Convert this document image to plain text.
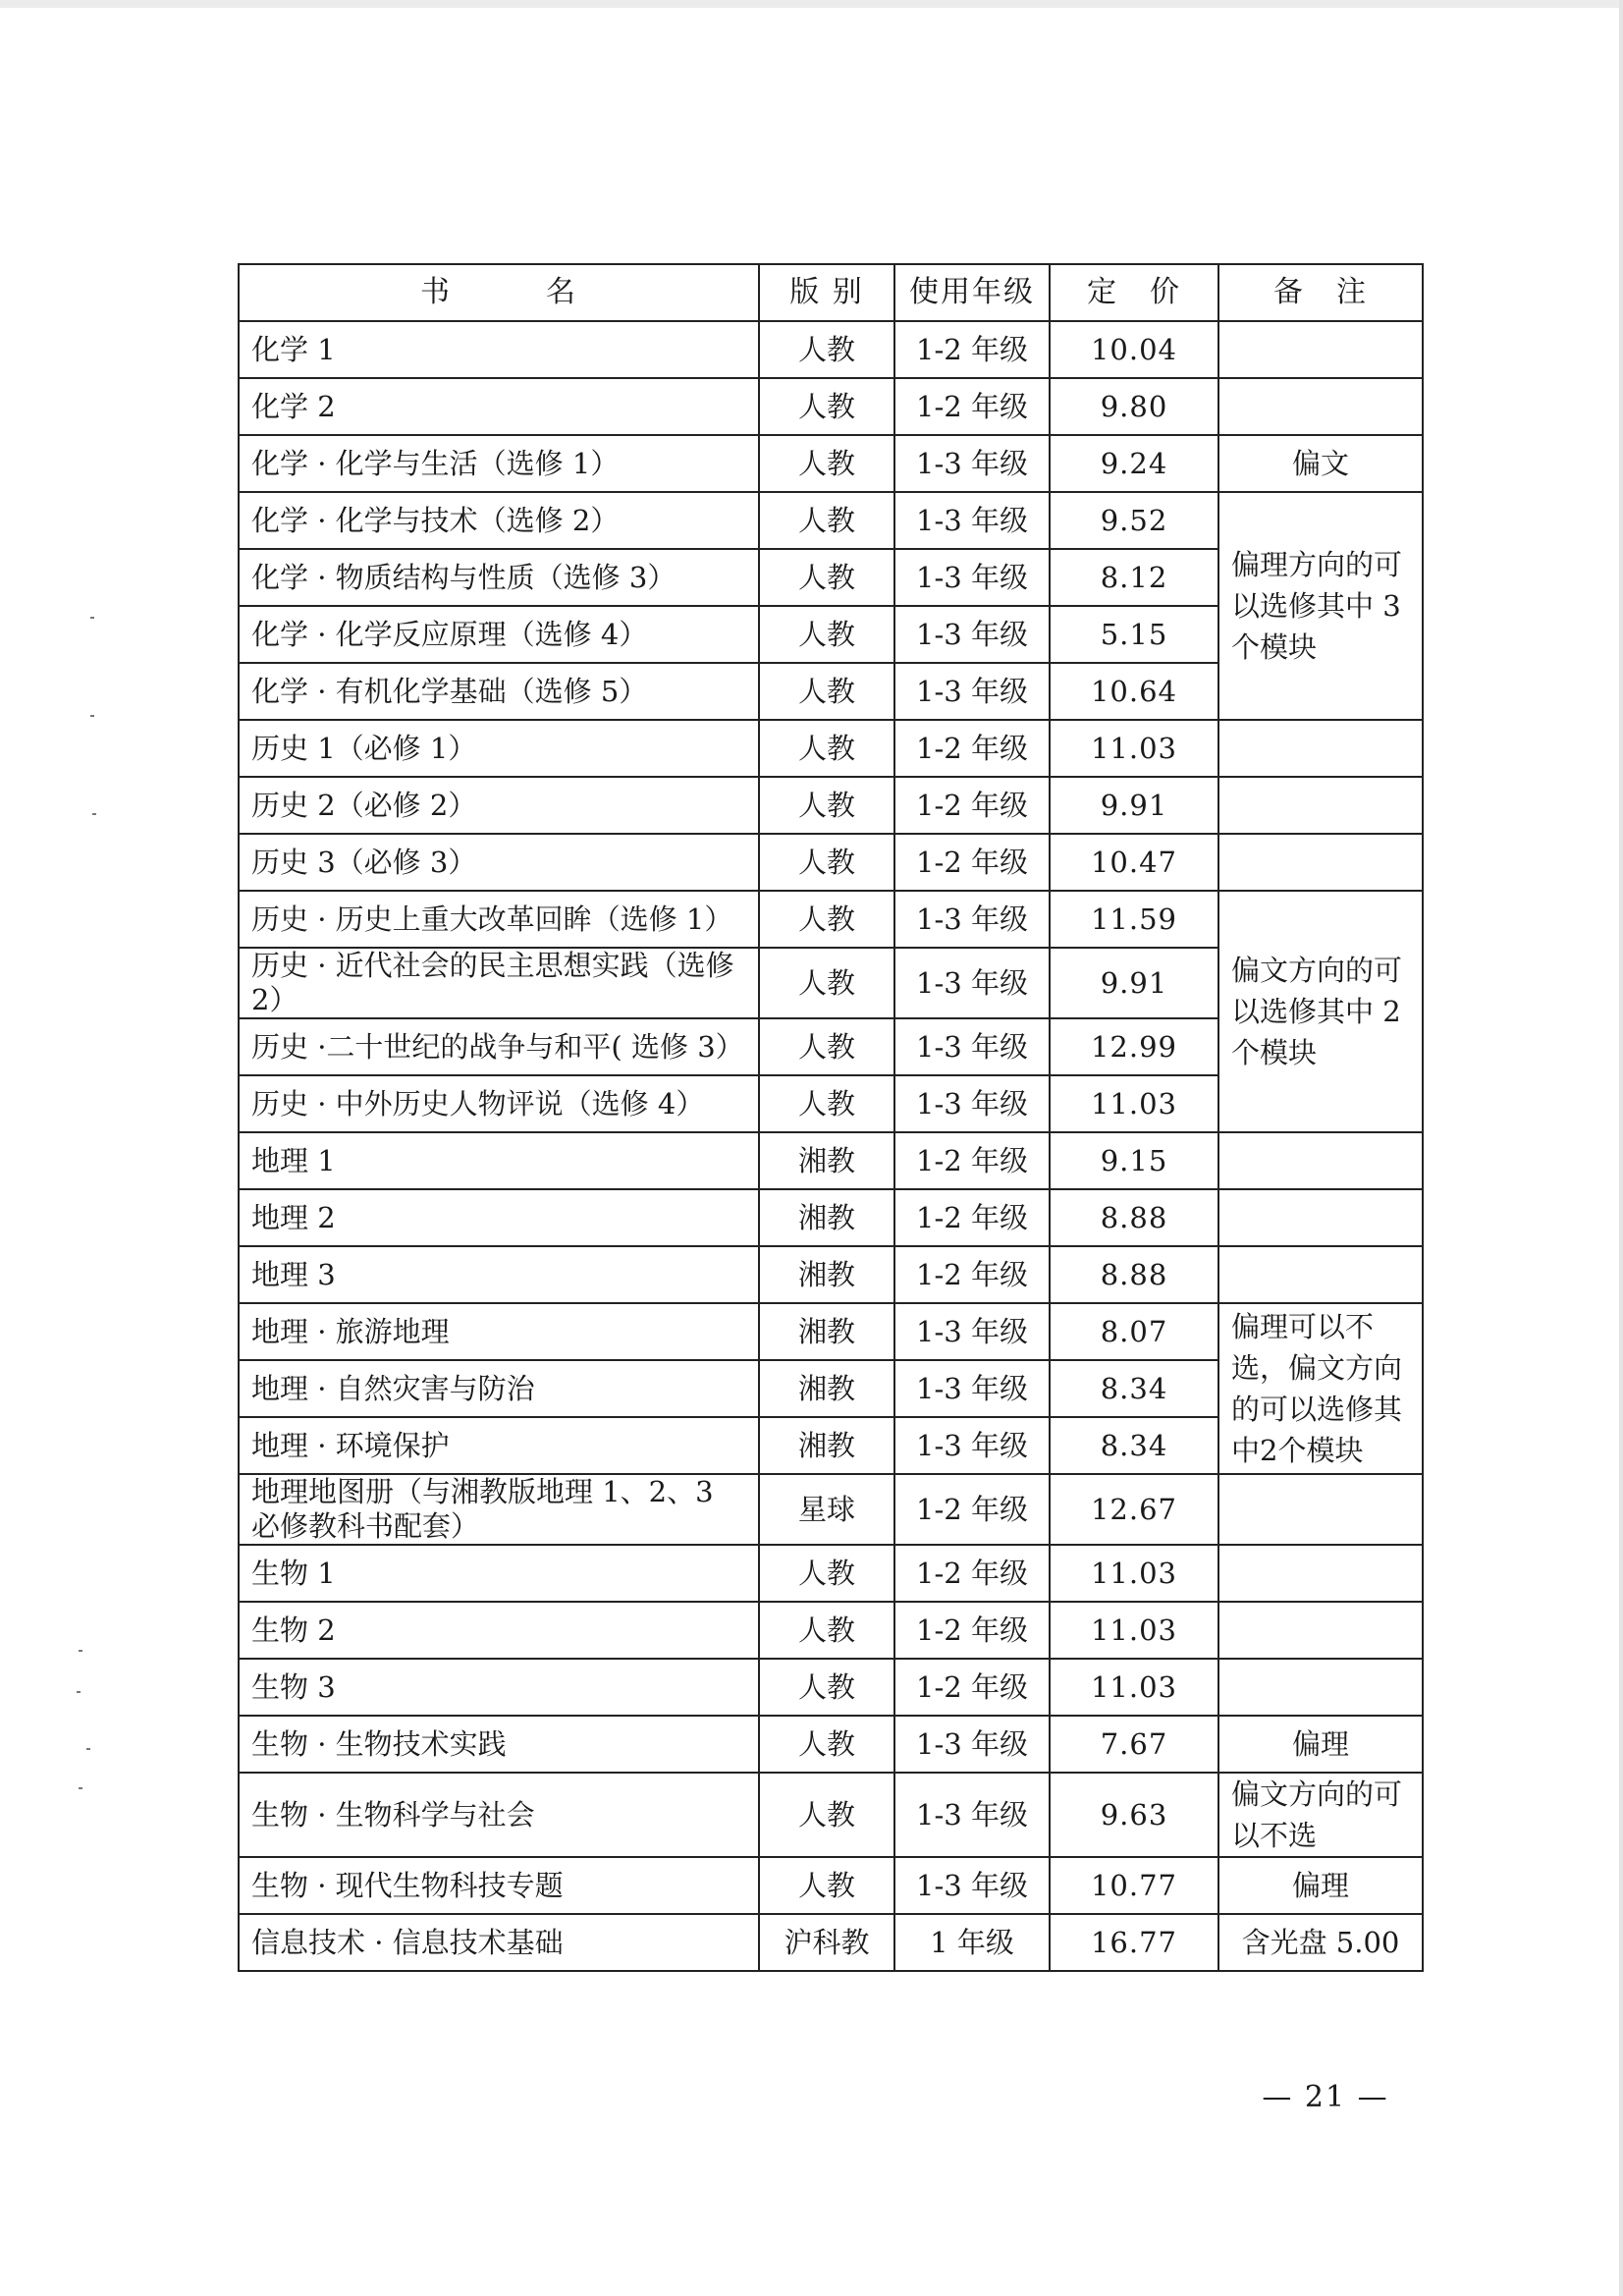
书　　　名	版 别	使用年级	定　价	备　注
化学 1	人教	1-2 年级	10.04	
化学 2	人教	1-2 年级	9.80	
化学 · 化学与生活（选修 1）	人教	1-3 年级	9.24	偏文
化学 · 化学与技术（选修 2）	人教	1-3 年级	9.52	偏理方向的可以选修其中 3 个模块
化学 · 物质结构与性质（选修 3）	人教	1-3 年级	8.12	
化学 · 化学反应原理（选修 4）	人教	1-3 年级	5.15	
化学 · 有机化学基础（选修 5）	人教	1-3 年级	10.64	
历史 1（必修 1）	人教	1-2 年级	11.03	
历史 2（必修 2）	人教	1-2 年级	9.91	
历史 3（必修 3）	人教	1-2 年级	10.47	
历史 · 历史上重大改革回眸（选修 1）	人教	1-3 年级	11.59	偏文方向的可以选修其中 2 个模块
历史 · 近代社会的民主思想实践（选修 2）	人教	1-3 年级	9.91	
历史 ·二十世纪的战争与和平( 选修 3）	人教	1-3 年级	12.99	
历史 · 中外历史人物评说（选修 4）	人教	1-3 年级	11.03	
地理 1	湘教	1-2 年级	9.15	
地理 2	湘教	1-2 年级	8.88	
地理 3	湘教	1-2 年级	8.88	
地理 · 旅游地理	湘教	1-3 年级	8.07	偏理可以不选，偏文方向的可以选修其中2个模块
地理 · 自然灾害与防治	湘教	1-3 年级	8.34	
地理 · 环境保护	湘教	1-3 年级	8.34	
地理地图册（与湘教版地理 1、2、3 必修教科书配套）	星球	1-2 年级	12.67	
生物 1	人教	1-2 年级	11.03	
生物 2	人教	1-2 年级	11.03	
生物 3	人教	1-2 年级	11.03	
生物 · 生物技术实践	人教	1-3 年级	7.67	偏理
生物 · 生物科学与社会	人教	1-3 年级	9.63	偏文方向的可以不选
生物 · 现代生物科技专题	人教	1-3 年级	10.77	偏理
信息技术 · 信息技术基础	沪科教	1 年级	16.77	含光盘 5.00
— 21 —
